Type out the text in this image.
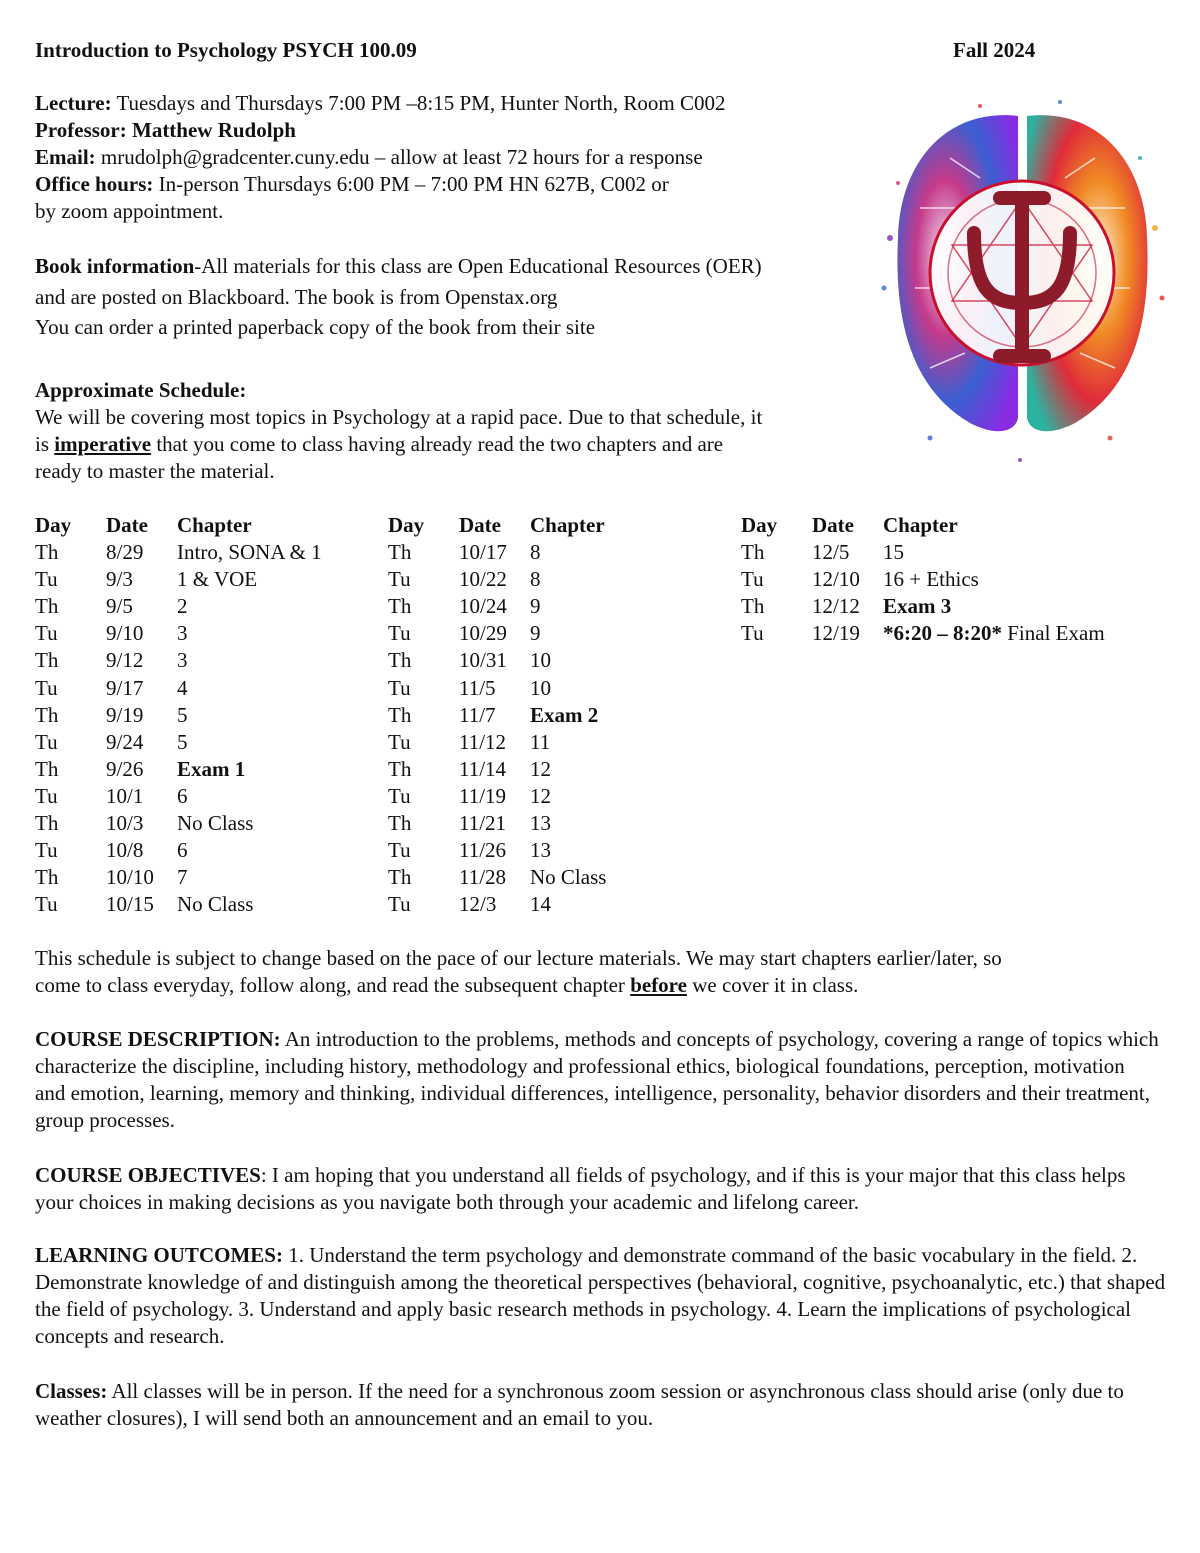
Introduction to Psychology PSYCH 100.09	Fall 2024
Lecture: Tuesdays and Thursdays 7:00 PM –8:15 PM, Hunter North, Room C002
Professor: Matthew Rudolph
Email: mrudolph@gradcenter.cuny.edu – allow at least 72 hours for a response
Office hours: In-person Thursdays 6:00 PM – 7:00 PM HN 627B, C002 or
by zoom appointment.
Book information-All materials for this class are Open Educational Resources (OER)
and are posted on Blackboard. The book is from Openstax.org
You can order a printed paperback copy of the book from their site
Approximate Schedule:
We will be covering most topics in Psychology at a rapid pace. Due to that schedule, it
is imperative that you come to class having already read the two chapters and are
ready to master the material.
Day Date Chapter
Th 8/29 Intro, SONA & 1
Tu 9/3 1 & VOE
Th 9/5 2
Tu 9/10 3
Th 9/12 3
Tu 9/17 4
Th 9/19 5
Tu 9/24 5
Th 9/26 Exam 1
Tu 10/1 6
Th 10/3 No Class
Tu 10/8 6
Th 10/10 7
Tu 10/15 No Class
Day Date Chapter
Th 10/17 8
Tu 10/22 8
Th 10/24 9
Tu 10/29 9
Th 10/31 10
Tu 11/5 10
Th 11/7 Exam 2
Tu 11/12 11
Th 11/14 12
Tu 11/19 12
Th 11/21 13
Tu 11/26 13
Th 11/28 No Class
Tu 12/3 14
Day Date Chapter
Th 12/5 15
Tu 12/10 16 + Ethics
Th 12/12 Exam 3
Tu 12/19 *6:20 – 8:20* Final Exam
This schedule is subject to change based on the pace of our lecture materials. We may start chapters earlier/later, so
come to class everyday, follow along, and read the subsequent chapter before we cover it in class.
COURSE DESCRIPTION: An introduction to the problems, methods and concepts of psychology, covering a range of topics which characterize the discipline, including history, methodology and professional ethics, biological foundations, perception, motivation and emotion, learning, memory and thinking, individual differences, intelligence, personality, behavior disorders and their treatment, group processes.
COURSE OBJECTIVES: I am hoping that you understand all fields of psychology, and if this is your major that this class helps your choices in making decisions as you navigate both through your academic and lifelong career.
LEARNING OUTCOMES: 1. Understand the term psychology and demonstrate command of the basic vocabulary in the field. 2. Demonstrate knowledge of and distinguish among the theoretical perspectives (behavioral, cognitive, psychoanalytic, etc.) that shaped the field of psychology. 3. Understand and apply basic research methods in psychology. 4. Learn the implications of psychological concepts and research.
Classes: All classes will be in person. If the need for a synchronous zoom session or asynchronous class should arise (only due to weather closures), I will send both an announcement and an email to you.
